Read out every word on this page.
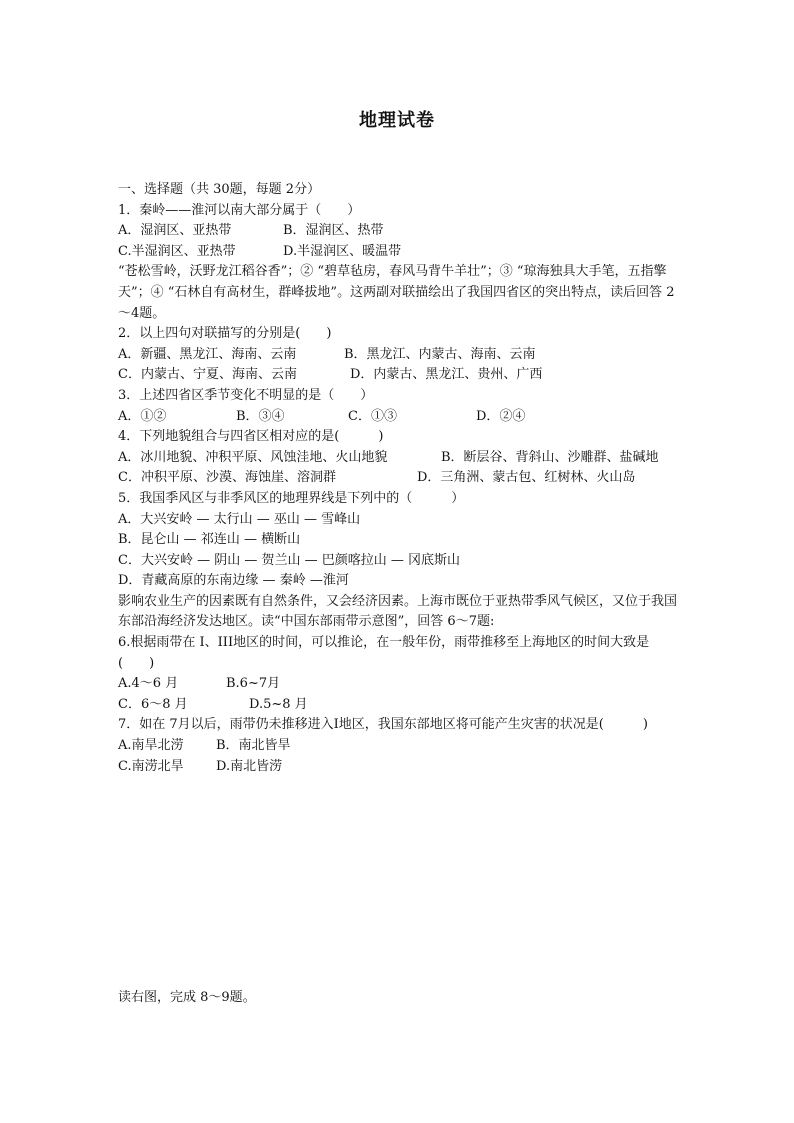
地理试卷
一、选择题（共 30题，每题 2分）
1．秦岭——淮河以南大部分属于（　　）
A．湿润区、亚热带	B．湿润区、热带
C.半湿润区、亚热带	D.半湿润区、暖温带
“苍松雪岭，沃野龙江稻谷香”；② “碧草毡房，春风马背牛羊壮”；③ “琼海独具大手笔，五指擎天”；④ “石林自有高材生，群峰拔地”。这两副对联描绘出了我国四省区的突出特点，读后回答 2～4题。
2．以上四句对联描写的分别是(　　)
A．新疆、黑龙江、海南、云南	B．黑龙江、内蒙古、海南、云南
C．内蒙古、宁夏、海南、云南	D．内蒙古、黑龙江、贵州、广西
3．上述四省区季节变化不明显的是（　　）
A．①②	B．③④	C．①③	D．②④
4．下列地貌组合与四省区相对应的是(　　　)
A．冰川地貌、冲积平原、风蚀洼地、火山地貌	B．断层谷、背斜山、沙雕群、盐碱地
C．冲积平原、沙漠、海蚀崖、溶洞群	D．三角洲、蒙古包、红树林、火山岛
5．我国季风区与非季风区的地理界线是下列中的（　　　）
A．大兴安岭 — 太行山 — 巫山 — 雪峰山
B．昆仑山 — 祁连山 — 横断山
C．大兴安岭 — 阴山 — 贺兰山 — 巴颜喀拉山 — 冈底斯山
D．青藏高原的东南边缘 — 秦岭 —淮河
影响农业生产的因素既有自然条件，又会经济因素。上海市既位于亚热带季风气候区，又位于我国东部沿海经济发达地区。读“中国东部雨带示意图”，回答 6～7题:
6.根据雨带在 I、III地区的时间，可以推论，在一般年份，雨带推移至上海地区的时间大致是(　　)
A.4～6 月	B.6~7月
C．6～8 月	D.5~8 月
7．如在 7月以后，雨带仍未推移进入Ⅰ地区，我国东部地区将可能产生灾害的状况是(　　　)
A.南旱北涝 B．南北皆旱
C.南涝北旱 D.南北皆涝
读右图，完成 8～9题。
